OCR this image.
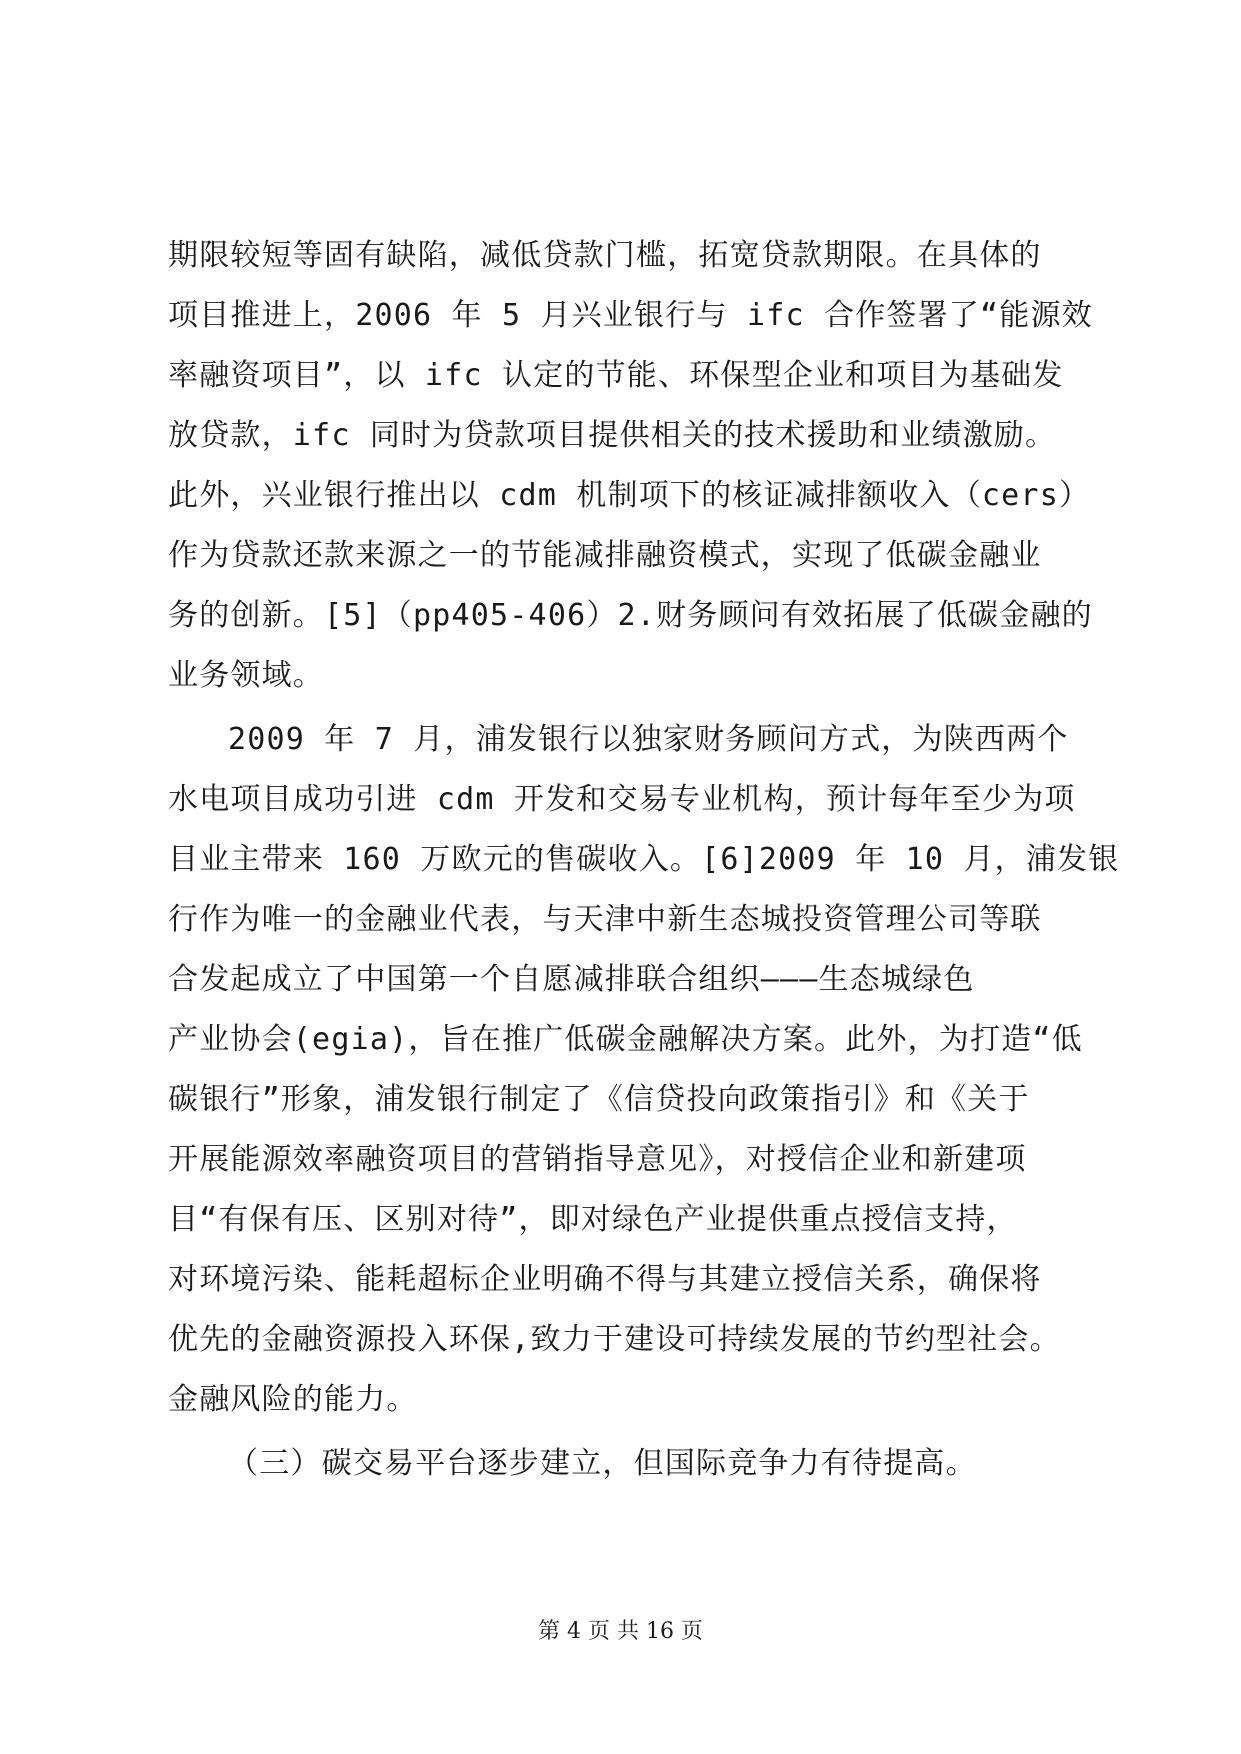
期限较短等固有缺陷，减低贷款门槛，拓宽贷款期限。在具体的
项目推进上，2006 年 5 月兴业银行与 ifc 合作签署了“能源效
率融资项目”，以 ifc 认定的节能、环保型企业和项目为基础发
放贷款，ifc 同时为贷款项目提供相关的技术援助和业绩激励。
此外，兴业银行推出以 cdm 机制项下的核证减排额收入（cers）
作为贷款还款来源之一的节能减排融资模式，实现了低碳金融业
务的创新。[5]（pp405-406）2.财务顾问有效拓展了低碳金融的
业务领域。
2009 年 7 月，浦发银行以独家财务顾问方式，为陕西两个
水电项目成功引进 cdm 开发和交易专业机构，预计每年至少为项
目业主带来 160 万欧元的售碳收入。[6]2009 年 10 月，浦发银
行作为唯一的金融业代表，与天津中新生态城投资管理公司等联
合发起成立了中国第一个自愿减排联合组织———生态城绿色
产业协会(egia)，旨在推广低碳金融解决方案。此外，为打造“低
碳银行”形象，浦发银行制定了《信贷投向政策指引》和《关于
开展能源效率融资项目的营销指导意见》，对授信企业和新建项
目“有保有压、区别对待”，即对绿色产业提供重点授信支持，
对环境污染、能耗超标企业明确不得与其建立授信关系，确保将
优先的金融资源投入环保,致力于建设可持续发展的节约型社会。
金融风险的能力。
（三）碳交易平台逐步建立，但国际竞争力有待提高。
第 4 页 共 16 页
